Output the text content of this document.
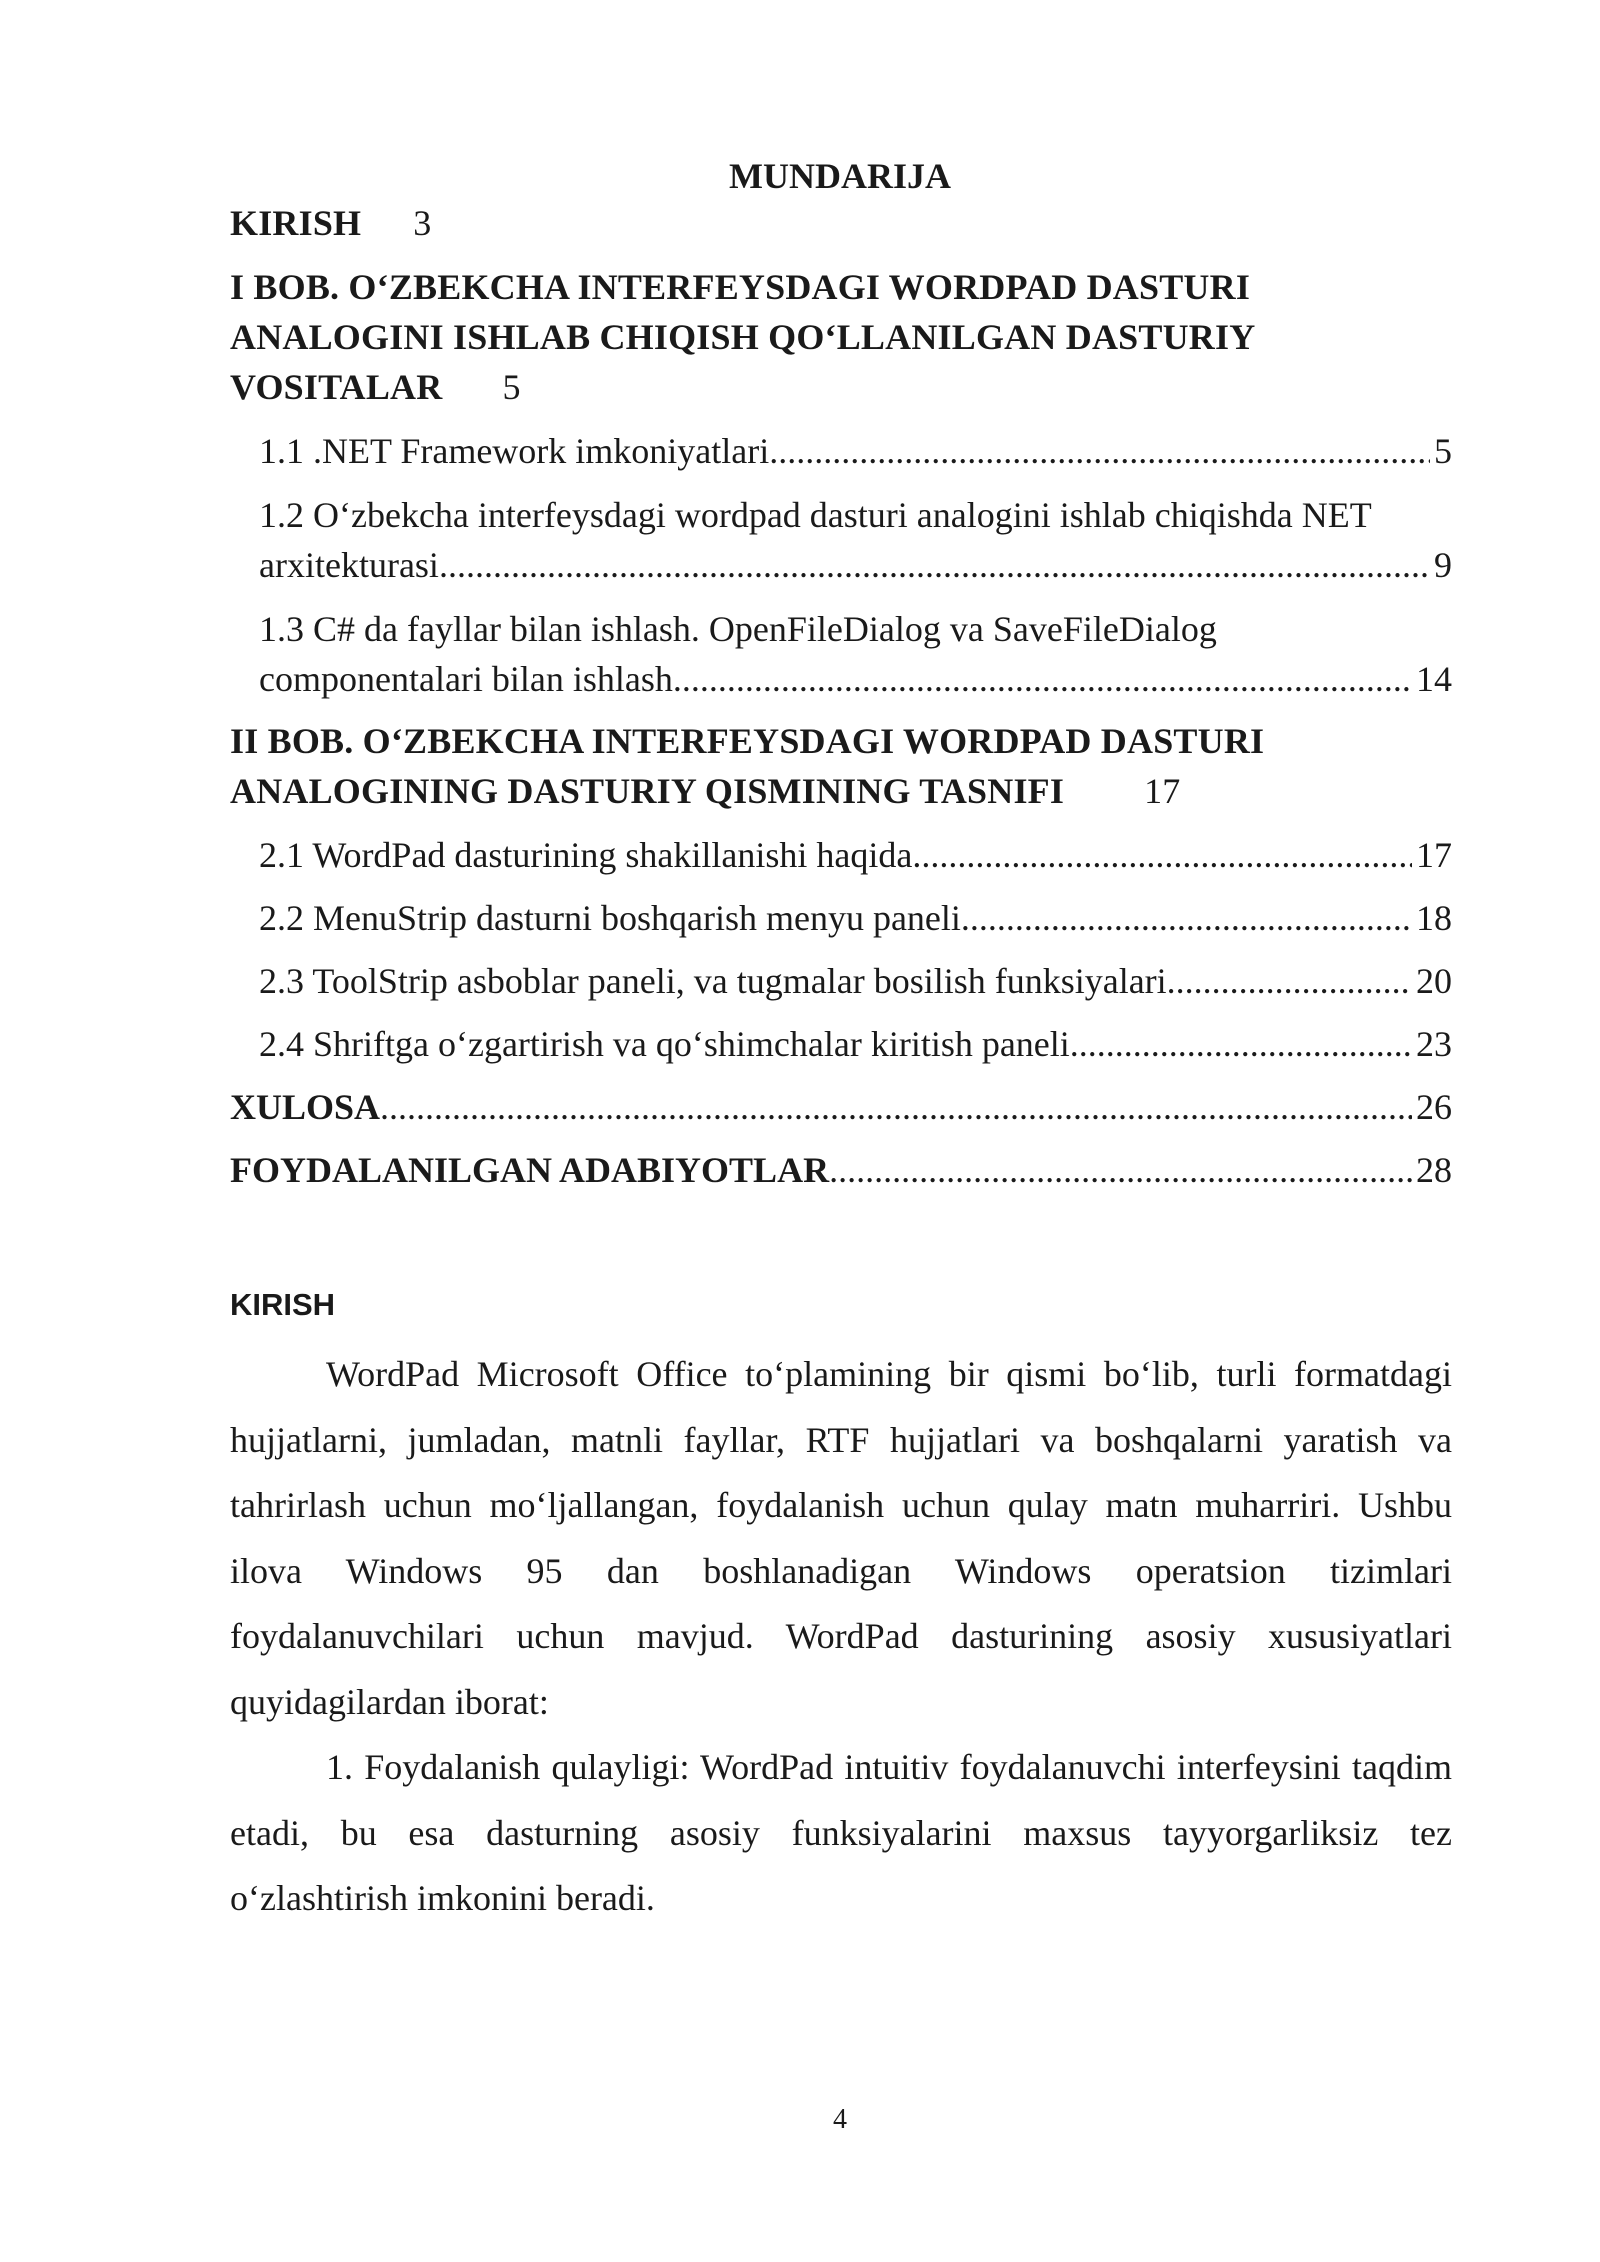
MUNDARIJA
KIRISH 3
I BOB. O‘ZBEKCHA INTERFEYSDAGI WORDPAD DASTURI
ANALOGINI ISHLAB CHIQISH QO‘LLANILGAN DASTURIY
VOSITALAR 5
1.1 .NET Framework imkoniyatlari .....	5
1.2 O‘zbekcha interfeysdagi wordpad dasturi analogini ishlab chiqishda NET
arxitekturasi .....	9
1.3 C# da fayllar bilan ishlash. OpenFileDialog va SaveFileDialog
componentalari bilan ishlash .....	14
II BOB. O‘ZBEKCHA INTERFEYSDAGI WORDPAD DASTURI
ANALOGINING DASTURIY QISMINING TASNIFI 17
2.1 WordPad dasturining shakillanishi haqida .....	17
2.2 MenuStrip dasturni boshqarish menyu paneli .....	18
2.3 ToolStrip asboblar paneli, va tugmalar bosilish funksiyalari .....	20
2.4 Shriftga o‘zgartirish va qo‘shimchalar kiritish paneli .....	23
XULOSA .....	26
FOYDALANILGAN ADABIYOTLAR .....	28
KIRISH
WordPad Microsoft Office to‘plamining bir qismi bo‘lib, turli formatdagi hujjatlarni, jumladan, matnli fayllar, RTF hujjatlari va boshqalarni yaratish va tahrirlash uchun mo‘ljallangan, foydalanish uchun qulay matn muharriri. Ushbu ilova Windows 95 dan boshlanadigan Windows operatsion tizimlari foydalanuvchilari uchun mavjud. WordPad dasturining asosiy xususiyatlari quyidagilardan iborat:
1. Foydalanish qulayligi: WordPad intuitiv foydalanuvchi interfeysini taqdim etadi, bu esa dasturning asosiy funksiyalarini maxsus tayyorgarliksiz tez o‘zlashtirish imkonini beradi.
4
